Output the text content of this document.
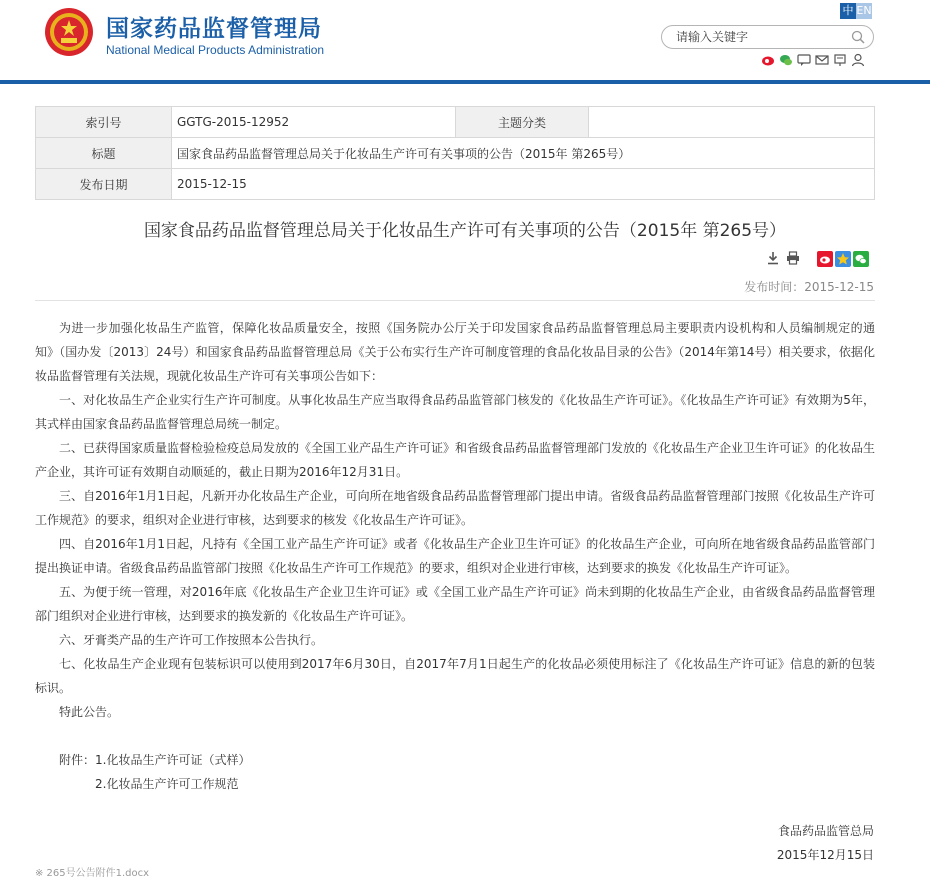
国家药品监督管理局
National Medical Products Administration
中 EN
请输入关键字
索引号	GGTG-2015-12952	主题分类	
标题	国家食品药品监督管理总局关于化妆品生产许可有关事项的公告（2015年 第265号）		
发布日期	2015-12-15		
国家食品药品监督管理总局关于化妆品生产许可有关事项的公告（2015年 第265号）
发布时间：2015-12-15

为进一步加强化妆品生产监管，保障化妆品质量安全，按照《国务院办公厅关于印发国家食品药品监督管理总局主要职责内设机构和人员编制规定的通知》（国办发〔2013〕24号）和国家食品药品监督管理总局《关于公布实行生产许可制度管理的食品化妆品目录的公告》（2014年第14号）相关要求，依据化妆品监督管理有关法规，现就化妆品生产许可有关事项公告如下：

一、对化妆品生产企业实行生产许可制度。从事化妆品生产应当取得食品药品监管部门核发的《化妆品生产许可证》。《化妆品生产许可证》有效期为5年，其式样由国家食品药品监督管理总局统一制定。

二、已获得国家质量监督检验检疫总局发放的《全国工业产品生产许可证》和省级食品药品监督管理部门发放的《化妆品生产企业卫生许可证》的化妆品生产企业，其许可证有效期自动顺延的，截止日期为2016年12月31日。

三、自2016年1月1日起，凡新开办化妆品生产企业，可向所在地省级食品药品监督管理部门提出申请。省级食品药品监督管理部门按照《化妆品生产许可工作规范》的要求，组织对企业进行审核，达到要求的核发《化妆品生产许可证》。

四、自2016年1月1日起，凡持有《全国工业产品生产许可证》或者《化妆品生产企业卫生许可证》的化妆品生产企业，可向所在地省级食品药品监管部门提出换证申请。省级食品药品监管部门按照《化妆品生产许可工作规范》的要求，组织对企业进行审核，达到要求的换发《化妆品生产许可证》。

五、为便于统一管理，对2016年底《化妆品生产企业卫生许可证》或《全国工业产品生产许可证》尚未到期的化妆品生产企业，由省级食品药品监督管理部门组织对企业进行审核，达到要求的换发新的《化妆品生产许可证》。

六、牙膏类产品的生产许可工作按照本公告执行。

七、化妆品生产企业现有包装标识可以使用到2017年6月30日，自2017年7月1日起生产的化妆品必须使用标注了《化妆品生产许可证》信息的新的包装标识。

特此公告。

附件：1.化妆品生产许可证（式样）
2.化妆品生产许可工作规范
食品药品监管总局
2015年12月15日
※ 265号公告附件1.docx
